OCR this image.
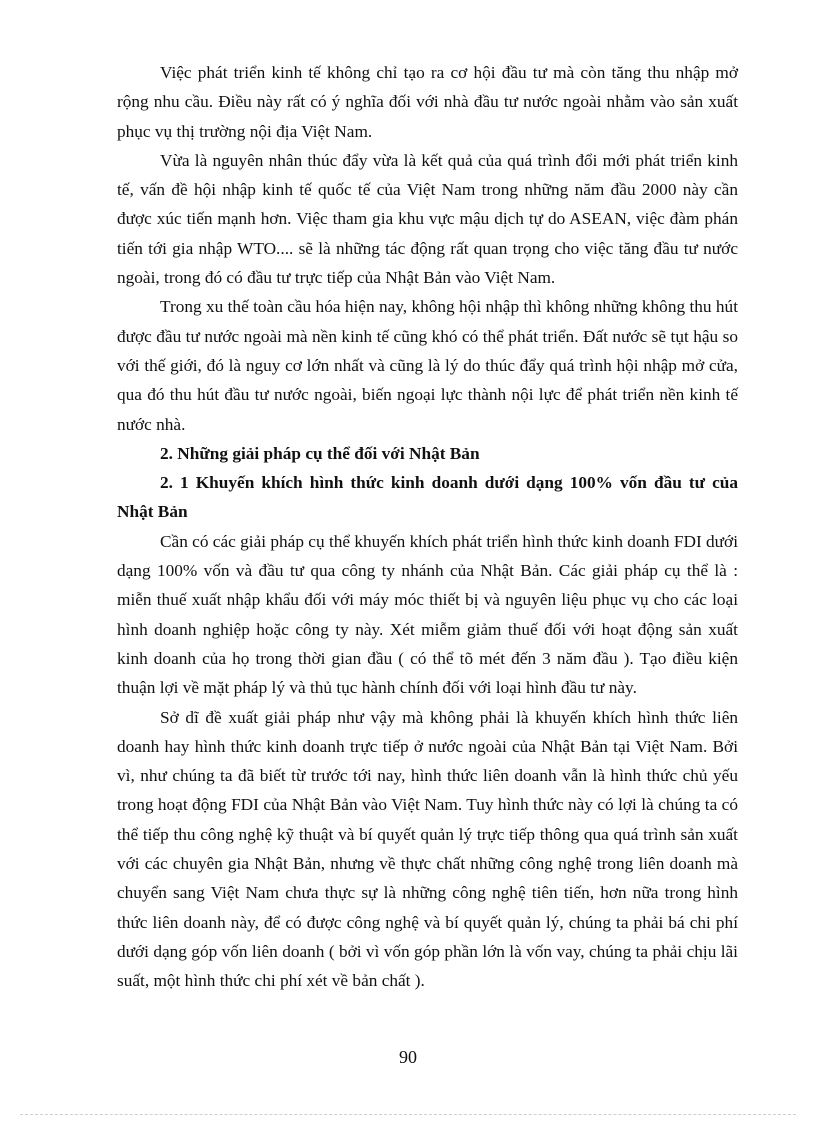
Việc phát triển kinh tế không chỉ tạo ra cơ hội đầu tư mà còn tăng thu nhập mở rộng nhu cầu. Điều này rất có ý nghĩa đối với nhà đầu tư nước ngoài nhằm vào sản xuất phục vụ thị trường nội địa Việt Nam.

Vừa là nguyên nhân thúc đẩy vừa là kết quả của quá trình đổi mới phát triển kinh tế, vấn đề hội nhập kinh tế quốc tế của Việt Nam trong những năm đầu 2000 này cần được xúc tiến mạnh hơn. Việc tham gia khu vực mậu dịch tự do ASEAN, việc đàm phán tiến tới gia nhập WTO.... sẽ là những tác động rất quan trọng cho việc tăng đầu tư nước ngoài, trong đó có đầu tư trực tiếp của Nhật Bản vào Việt Nam.

Trong xu thế toàn cầu hóa hiện nay, không hội nhập thì không những không thu hút được đầu tư nước ngoài mà nền kinh tế cũng khó có thể phát triển. Đất nước sẽ tụt hậu so với thế giới, đó là nguy cơ lớn nhất và cũng là lý do thúc đẩy quá trình hội nhập mở cửa, qua đó thu hút đầu tư nước ngoài, biến ngoại lực thành nội lực để phát triển nền kinh tế nước nhà.

2. Những giải pháp cụ thể đối với Nhật Bản
2. 1 Khuyến khích hình thức kinh doanh dưới dạng 100% vốn đầu tư của Nhật Bản

Cần có các giải pháp cụ thể khuyến khích phát triển hình thức kinh doanh FDI dưới dạng 100% vốn và đầu tư qua công ty nhánh của Nhật Bản. Các giải pháp cụ thể là : miễn thuế xuất nhập khẩu đối với máy móc thiết bị và nguyên liệu phục vụ cho các loại hình doanh nghiệp hoặc công ty này. Xét miễm giảm thuế đối với hoạt động sản xuất kinh doanh của họ trong thời gian đầu ( có thể tõ mét đến 3 năm đầu ). Tạo điều kiện thuận lợi về mặt pháp lý và thủ tục hành chính đối với loại hình đầu tư này.

Sở dĩ đề xuất giải pháp như vậy mà không phải là khuyến khích hình thức liên doanh hay hình thức kinh doanh trực tiếp ở nước ngoài của Nhật Bản tại Việt Nam. Bởi vì, như chúng ta đã biết từ trước tới nay, hình thức liên doanh vẫn là hình thức chủ yếu trong hoạt động FDI của Nhật Bản vào Việt Nam. Tuy hình thức này có lợi là chúng ta có thể tiếp thu công nghệ kỹ thuật và bí quyết quản lý trực tiếp thông qua quá trình sản xuất với các chuyên gia Nhật Bản, nhưng về thực chất những công nghệ trong liên doanh mà chuyển sang Việt Nam chưa thực sự là những công nghệ tiên tiến, hơn nữa trong hình thức liên doanh này, để có được công nghệ và bí quyết quản lý, chúng ta phải bá chi phí dưới dạng góp vốn liên doanh ( bởi vì vốn góp phần lớn là vốn vay, chúng ta phải chịu lãi suất, một hình thức chi phí xét về bản chất ).

90
